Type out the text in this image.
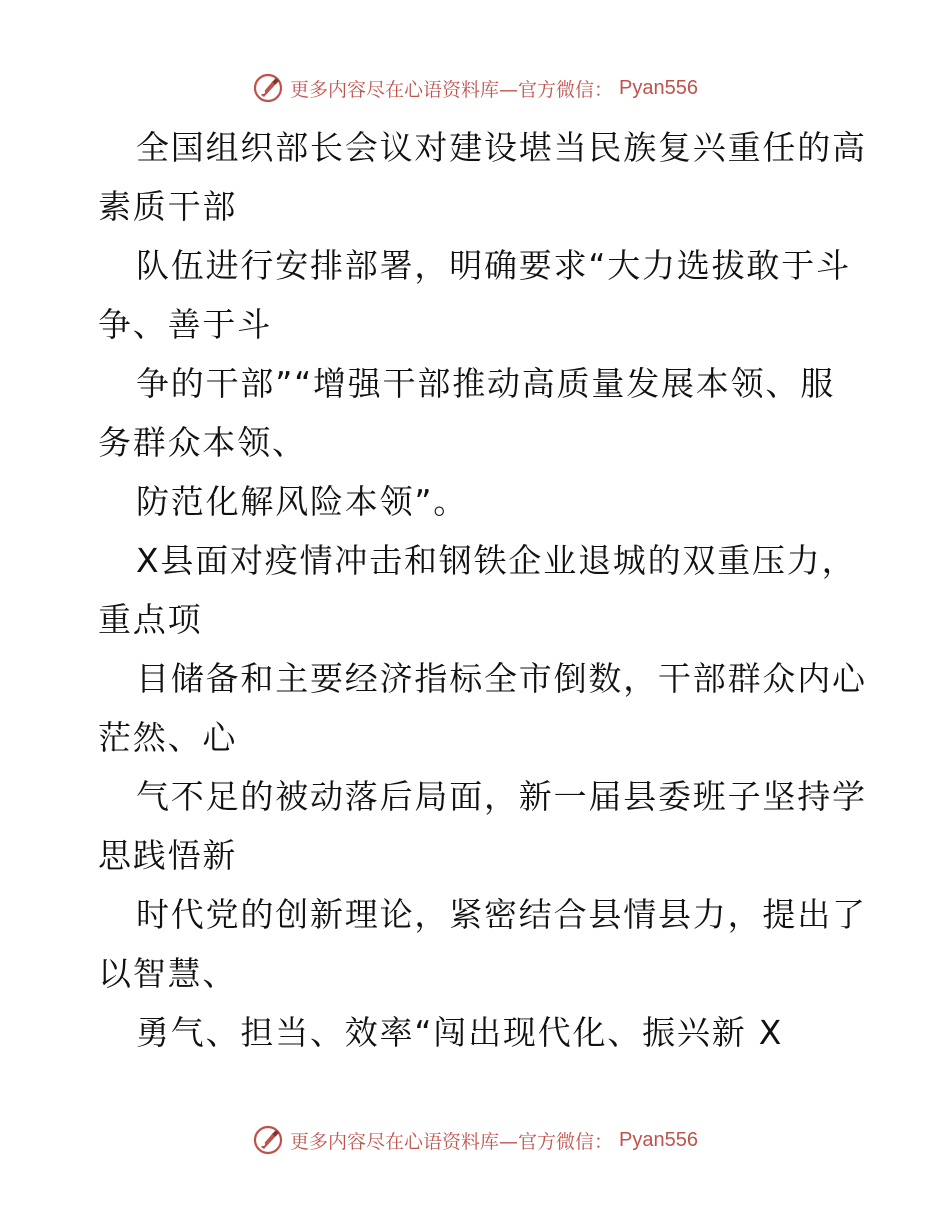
更多内容尽在心语资料库—官方微信： Pyan556
全国组织部长会议对建设堪当民族复兴重任的高
素质干部
队伍进行安排部署，明确要求“大力选拔敢于斗
争、善于斗
争的干部”“增强干部推动高质量发展本领、服
务群众本领、
防范化解风险本领”。
X县面对疫情冲击和钢铁企业退城的双重压力，
重点项
目储备和主要经济指标全市倒数，干部群众内心
茫然、心
气不足的被动落后局面，新一届县委班子坚持学
思践悟新
时代党的创新理论，紧密结合县情县力，提出了
以智慧、
勇气、担当、效率“闯出现代化、振兴新 X
更多内容尽在心语资料库—官方微信： Pyan556
